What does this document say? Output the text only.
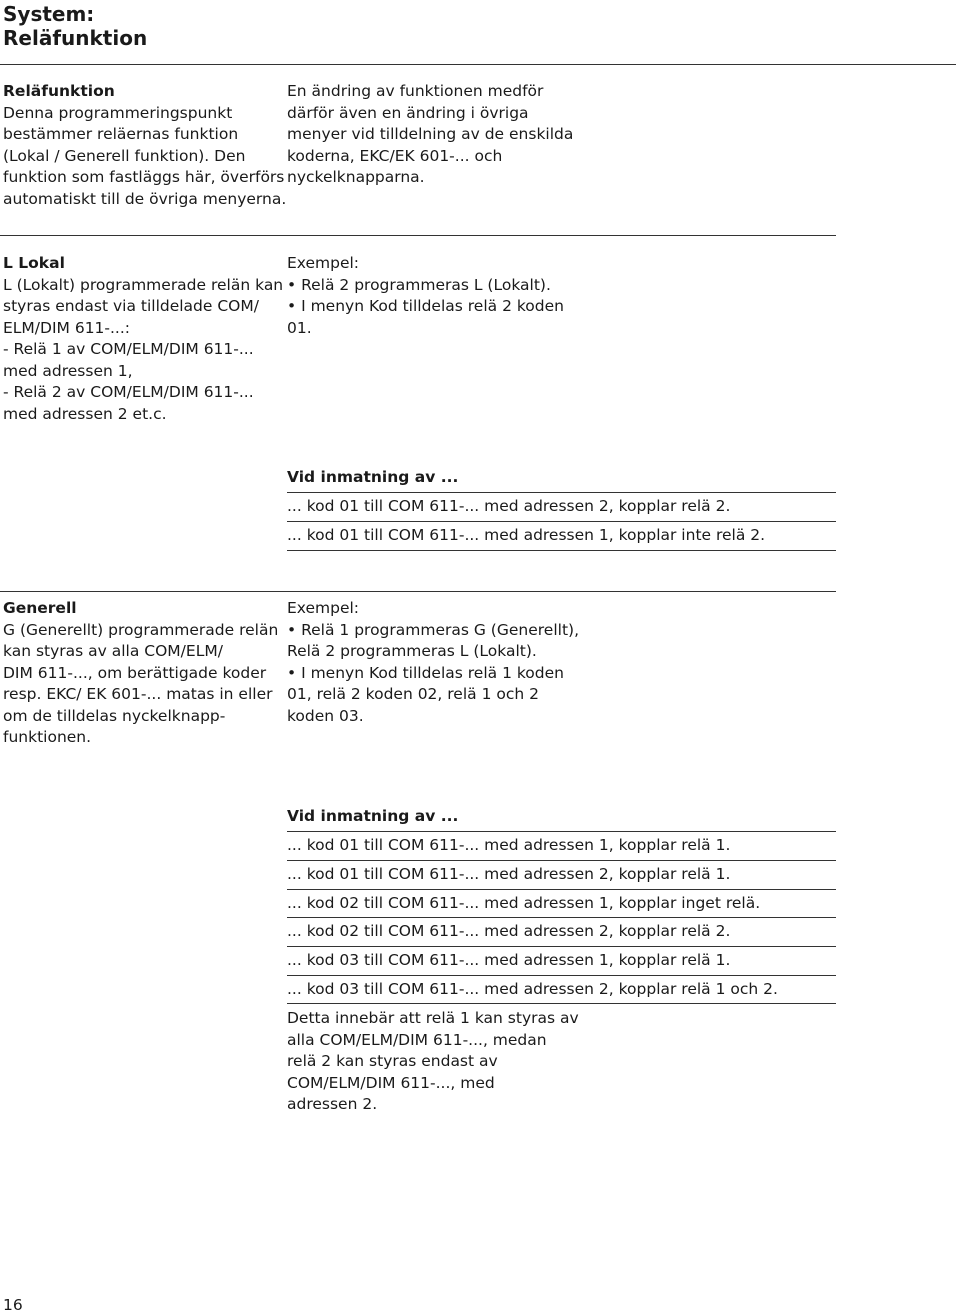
System:
Reläfunktion
Reläfunktion
Denna programmeringspunkt
bestämmer reläernas funktion
(Lokal / Generell funktion). Den
funktion som fastläggs här, överförs
automatiskt till de övriga menyerna.
En ändring av funktionen medför
därför även en ändring i övriga
menyer vid tilldelning av de enskilda
koderna, EKC/EK 601-... och
nyckelknapparna.
L Lokal
L (Lokalt) programmerade relän kan
styras endast via tilldelade COM/
ELM/DIM 611-...:
- Relä 1 av COM/ELM/DIM 611-...
med adressen 1,
- Relä 2 av COM/ELM/DIM 611-...
med adressen 2 et.c.
Exempel:
• Relä 2 programmeras L (Lokalt).
• I menyn Kod tilldelas relä 2 koden
01.
Vid inmatning av ...
... kod 01 till COM 611-... med adressen 2, kopplar relä 2.
... kod 01 till COM 611-... med adressen 1, kopplar inte relä 2.
Generell
G (Generellt) programmerade relän
kan styras av alla COM/ELM/
DIM 611-..., om berättigade koder
resp. EKC/ EK 601-... matas in eller
om de tilldelas nyckelknapp-
funktionen.
Exempel:
• Relä 1 programmeras G (Generellt),
Relä 2 programmeras L (Lokalt).
• I menyn Kod tilldelas relä 1 koden
01, relä 2 koden 02, relä 1 och 2
koden 03.
Vid inmatning av ...
... kod 01 till COM 611-... med adressen 1, kopplar relä 1.
... kod 01 till COM 611-... med adressen 2, kopplar relä 1.
... kod 02 till COM 611-... med adressen 1, kopplar inget relä.
... kod 02 till COM 611-... med adressen 2, kopplar relä 2.
... kod 03 till COM 611-... med adressen 1, kopplar relä 1.
... kod 03 till COM 611-... med adressen 2, kopplar relä 1 och 2.
Detta innebär att relä 1 kan styras av
alla COM/ELM/DIM 611-..., medan
relä 2 kan styras endast av
COM/ELM/DIM 611-..., med
adressen 2.
16
